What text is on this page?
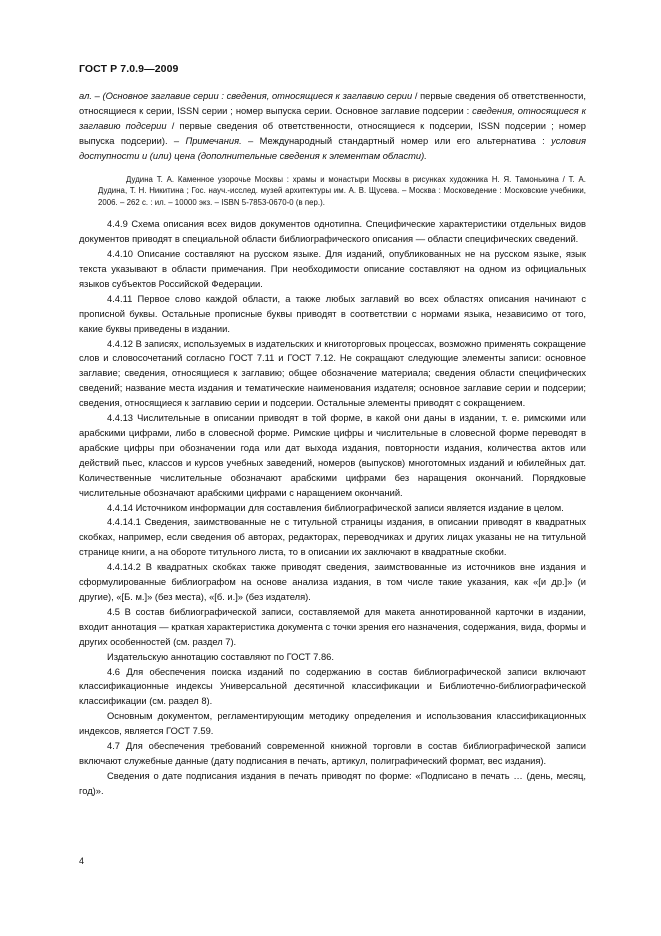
ГОСТ Р 7.0.9—2009

ал. – (Основное заглавие серии : сведения, относящиеся к заглавию серии / первые сведения об ответственности, относящиеся к серии, ISSN серии ; номер выпуска серии. Основное заглавие подсерии : сведения, относящиеся к заглавию подсерии / первые сведения об ответственности, относящиеся к подсерии, ISSN подсерии ; номер выпуска подсерии). – Примечания. – Международный стандартный номер или его альтернатива : условия доступности и (или) цена (дополнительные сведения к элементам области).

Дудина Т. А. Каменное узорочье Москвы : храмы и монастыри Москвы в рисунках художника Н. Я. Тамонькина / Т. А. Дудина, Т. Н. Никитина ; Гос. науч.-исслед. музей архитектуры им. А. В. Щусева. – Москва : Московедение : Московские учебники, 2006. – 262 с. : ил. – 10000 экз. – ISBN 5-7853-0670-0 (в пер.).

4.4.9 Схема описания всех видов документов однотипна. Специфические характеристики отдельных видов документов приводят в специальной области библиографического описания — области специфических сведений.

4.4.10 Описание составляют на русском языке. Для изданий, опубликованных не на русском языке, язык текста указывают в области примечания. При необходимости описание составляют на одном из официальных языков субъектов Российской Федерации.

4.4.11 Первое слово каждой области, а также любых заглавий во всех областях описания начинают с прописной буквы. Остальные прописные буквы приводят в соответствии с нормами языка, независимо от того, какие буквы приведены в издании.

4.4.12 В записях, используемых в издательских и книготорговых процессах, возможно применять сокращение слов и словосочетаний согласно ГОСТ 7.11 и ГОСТ 7.12. Не сокращают следующие элементы записи: основное заглавие; сведения, относящиеся к заглавию; общее обозначение материала; сведения области специфических сведений; название места издания и тематические наименования издателя; основное заглавие серии и подсерии; сведения, относящиеся к заглавию серии и подсерии. Остальные элементы приводят с сокращением.

4.4.13 Числительные в описании приводят в той форме, в какой они даны в издании, т. е. римскими или арабскими цифрами, либо в словесной форме. Римские цифры и числительные в словесной форме переводят в арабские цифры при обозначении года или дат выхода издания, повторности издания, количества актов или действий пьес, классов и курсов учебных заведений, номеров (выпусков) многотомных изданий и юбилейных дат. Количественные числительные обозначают арабскими цифрами без наращения окончаний. Порядковые числительные обозначают арабскими цифрами с наращением окончаний.

4.4.14 Источником информации для составления библиографической записи является издание в целом.

4.4.14.1 Сведения, заимствованные не с титульной страницы издания, в описании приводят в квадратных скобках, например, если сведения об авторах, редакторах, переводчиках и других лицах указаны не на титульной странице книги, а на обороте титульного листа, то в описании их заключают в квадратные скобки.

4.4.14.2 В квадратных скобках также приводят сведения, заимствованные из источников вне издания и сформулированные библиографом на основе анализа издания, в том числе такие указания, как «[и др.]» (и другие), «[Б. м.]» (без места), «[б. и.]» (без издателя).

4.5 В состав библиографической записи, составляемой для макета аннотированной карточки в издании, входит аннотация — краткая характеристика документа с точки зрения его назначения, содержания, вида, формы и других особенностей (см. раздел 7).

Издательскую аннотацию составляют по ГОСТ 7.86.

4.6 Для обеспечения поиска изданий по содержанию в состав библиографической записи включают классификационные индексы Универсальной десятичной классификации и Библиотечно-библиографической классификации (см. раздел 8).

Основным документом, регламентирующим методику определения и использования классификационных индексов, является ГОСТ 7.59.

4.7 Для обеспечения требований современной книжной торговли в состав библиографической записи включают служебные данные (дату подписания в печать, артикул, полиграфический формат, вес издания).

Сведения о дате подписания издания в печать приводят по форме: «Подписано в печать … (день, месяц, год)».

4
